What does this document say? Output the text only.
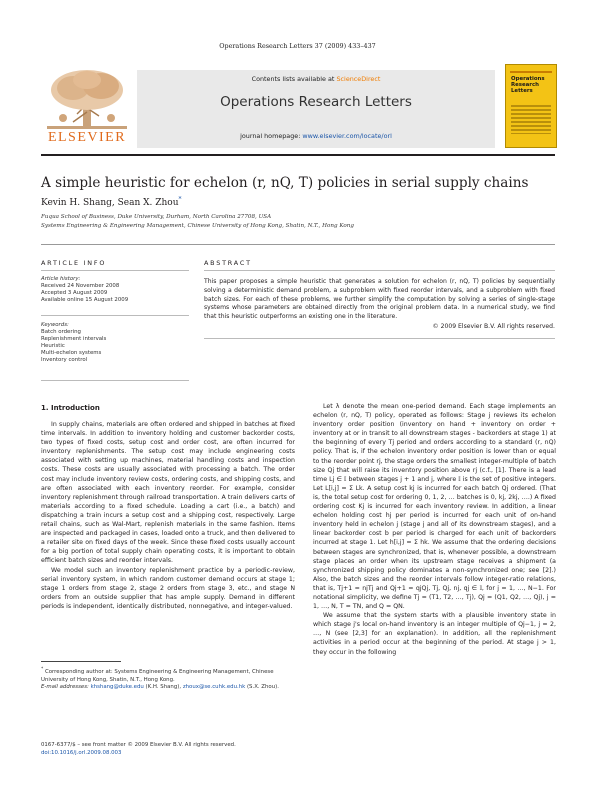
Operations Research Letters 37 (2009) 433–437
ELSEVIER
Contents lists available at ScienceDirect
Operations Research Letters
journal homepage: www.elsevier.com/locate/orl
Operations Research Letters
A simple heuristic for echelon (r, nQ, T) policies in serial supply chains
Kevin H. Shang, Sean X. Zhou*
Fuqua School of Business, Duke University, Durham, North Carolina 27708, USA
Systems Engineering & Engineering Management, Chinese University of Hong Kong, Shatin, N.T., Hong Kong
ARTICLE INFO
Article history:
Received 24 November 2008
Accepted 3 August 2009
Available online 15 August 2009
Keywords:
Batch ordering
Replenishment intervals
Heuristic
Multi-echelon systems
Inventory control
ABSTRACT
This paper proposes a simple heuristic that generates a solution for echelon (r, nQ, T) policies by sequentially solving a deterministic demand problem, a subproblem with fixed reorder intervals, and a subproblem with fixed batch sizes. For each of these problems, we further simplify the computation by solving a series of single-stage systems whose parameters are obtained directly from the original problem data. In a numerical study, we find that this heuristic outperforms an existing one in the literature.
© 2009 Elsevier B.V. All rights reserved.
1. Introduction

In supply chains, materials are often ordered and shipped in batches at fixed time intervals. In addition to inventory holding and customer backorder costs, two types of fixed costs, setup cost and order cost, are often incurred for inventory replenishments. The setup cost may include engineering costs associated with setting up machines, material handling costs and inspection costs. These costs are usually associated with processing a batch. The order cost may include inventory review costs, ordering costs, and shipping costs, and are often associated with each inventory reorder. For example, consider inventory replenishment through railroad transportation. A train delivers carts of materials according to a fixed schedule. Loading a cart (i.e., a batch) and dispatching a train incurs a setup cost and a shipping cost, respectively. Large retail chains, such as Wal-Mart, replenish materials in the same fashion. Items are inspected and packaged in cases, loaded onto a truck, and then delivered to a retailer site on fixed days of the week. Since these fixed costs usually account for a big portion of total supply chain operating costs, it is important to obtain efficient batch sizes and reorder intervals.

We model such an inventory replenishment practice by a periodic-review, serial inventory system, in which random customer demand occurs at stage 1; stage 1 orders from stage 2, stage 2 orders from stage 3, etc., and stage N orders from an outside supplier that has ample supply. Demand in different periods is independent, identically distributed, nonnegative, and integer-valued.

Let λ denote the mean one-period demand. Each stage implements an echelon (r, nQ, T) policy, operated as follows: Stage j reviews its echelon inventory order position (inventory on hand + inventory on order + inventory at or in transit to all downstream stages - backorders at stage 1) at the beginning of every Tj period and orders according to a standard (r, nQ) policy. That is, if the echelon inventory order position is lower than or equal to the reorder point rj, the stage orders the smallest integer-multiple of batch size Qj that will raise its inventory position above rj (c.f., [1]. There is a lead time Lj ∈ 𝕀 between stages j + 1 and j, where 𝕀 is the set of positive integers. Let L[i,j] = Σ Lk. A setup cost kj is incurred for each batch Qj ordered. (That is, the total setup cost for ordering 0, 1, 2, … batches is 0, kj, 2kj, ….) A fixed ordering cost Kj is incurred for each inventory review. In addition, a linear echelon holding cost hj per period is incurred for each unit of on-hand inventory held in echelon j (stage j and all of its downstream stages), and a linear backorder cost b per period is charged for each unit of backorders incurred at stage 1. Let h[i,j] = Σ hk. We assume that the ordering decisions between stages are synchronized, that is, whenever possible, a downstream stage places an order when its upstream stage receives a shipment (a synchronized shipping policy dominates a non-synchronized one; see [2].) Also, the batch sizes and the reorder intervals follow integer-ratio relations, that is, Tj+1 = njTj and Qj+1 = qjQj, Tj, Qj, nj, qj ∈ 𝕀, for j = 1, …, N−1. For notational simplicity, we define Tj = (T1, T2, …, Tj), Qj = (Q1, Q2, …, Qj), j = 1, …, N, T = TN, and Q = QN.

We assume that the system starts with a plausible inventory state in which stage j's local on-hand inventory is an integer multiple of Qj−1, j = 2, …, N (see [2,3] for an explanation). In addition, all the replenishment activities in a period occur at the beginning of the period. At stage j > 1, they occur in the following

* Corresponding author at: Systems Engineering & Engineering Management, Chinese University of Hong Kong, Shatin, N.T., Hong Kong.
E-mail addresses: khshang@duke.edu (K.H. Shang), zhoux@se.cuhk.edu.hk (S.X. Zhou).
0167-6377/$ – see front matter © 2009 Elsevier B.V. All rights reserved.
doi:10.1016/j.orl.2009.08.003
